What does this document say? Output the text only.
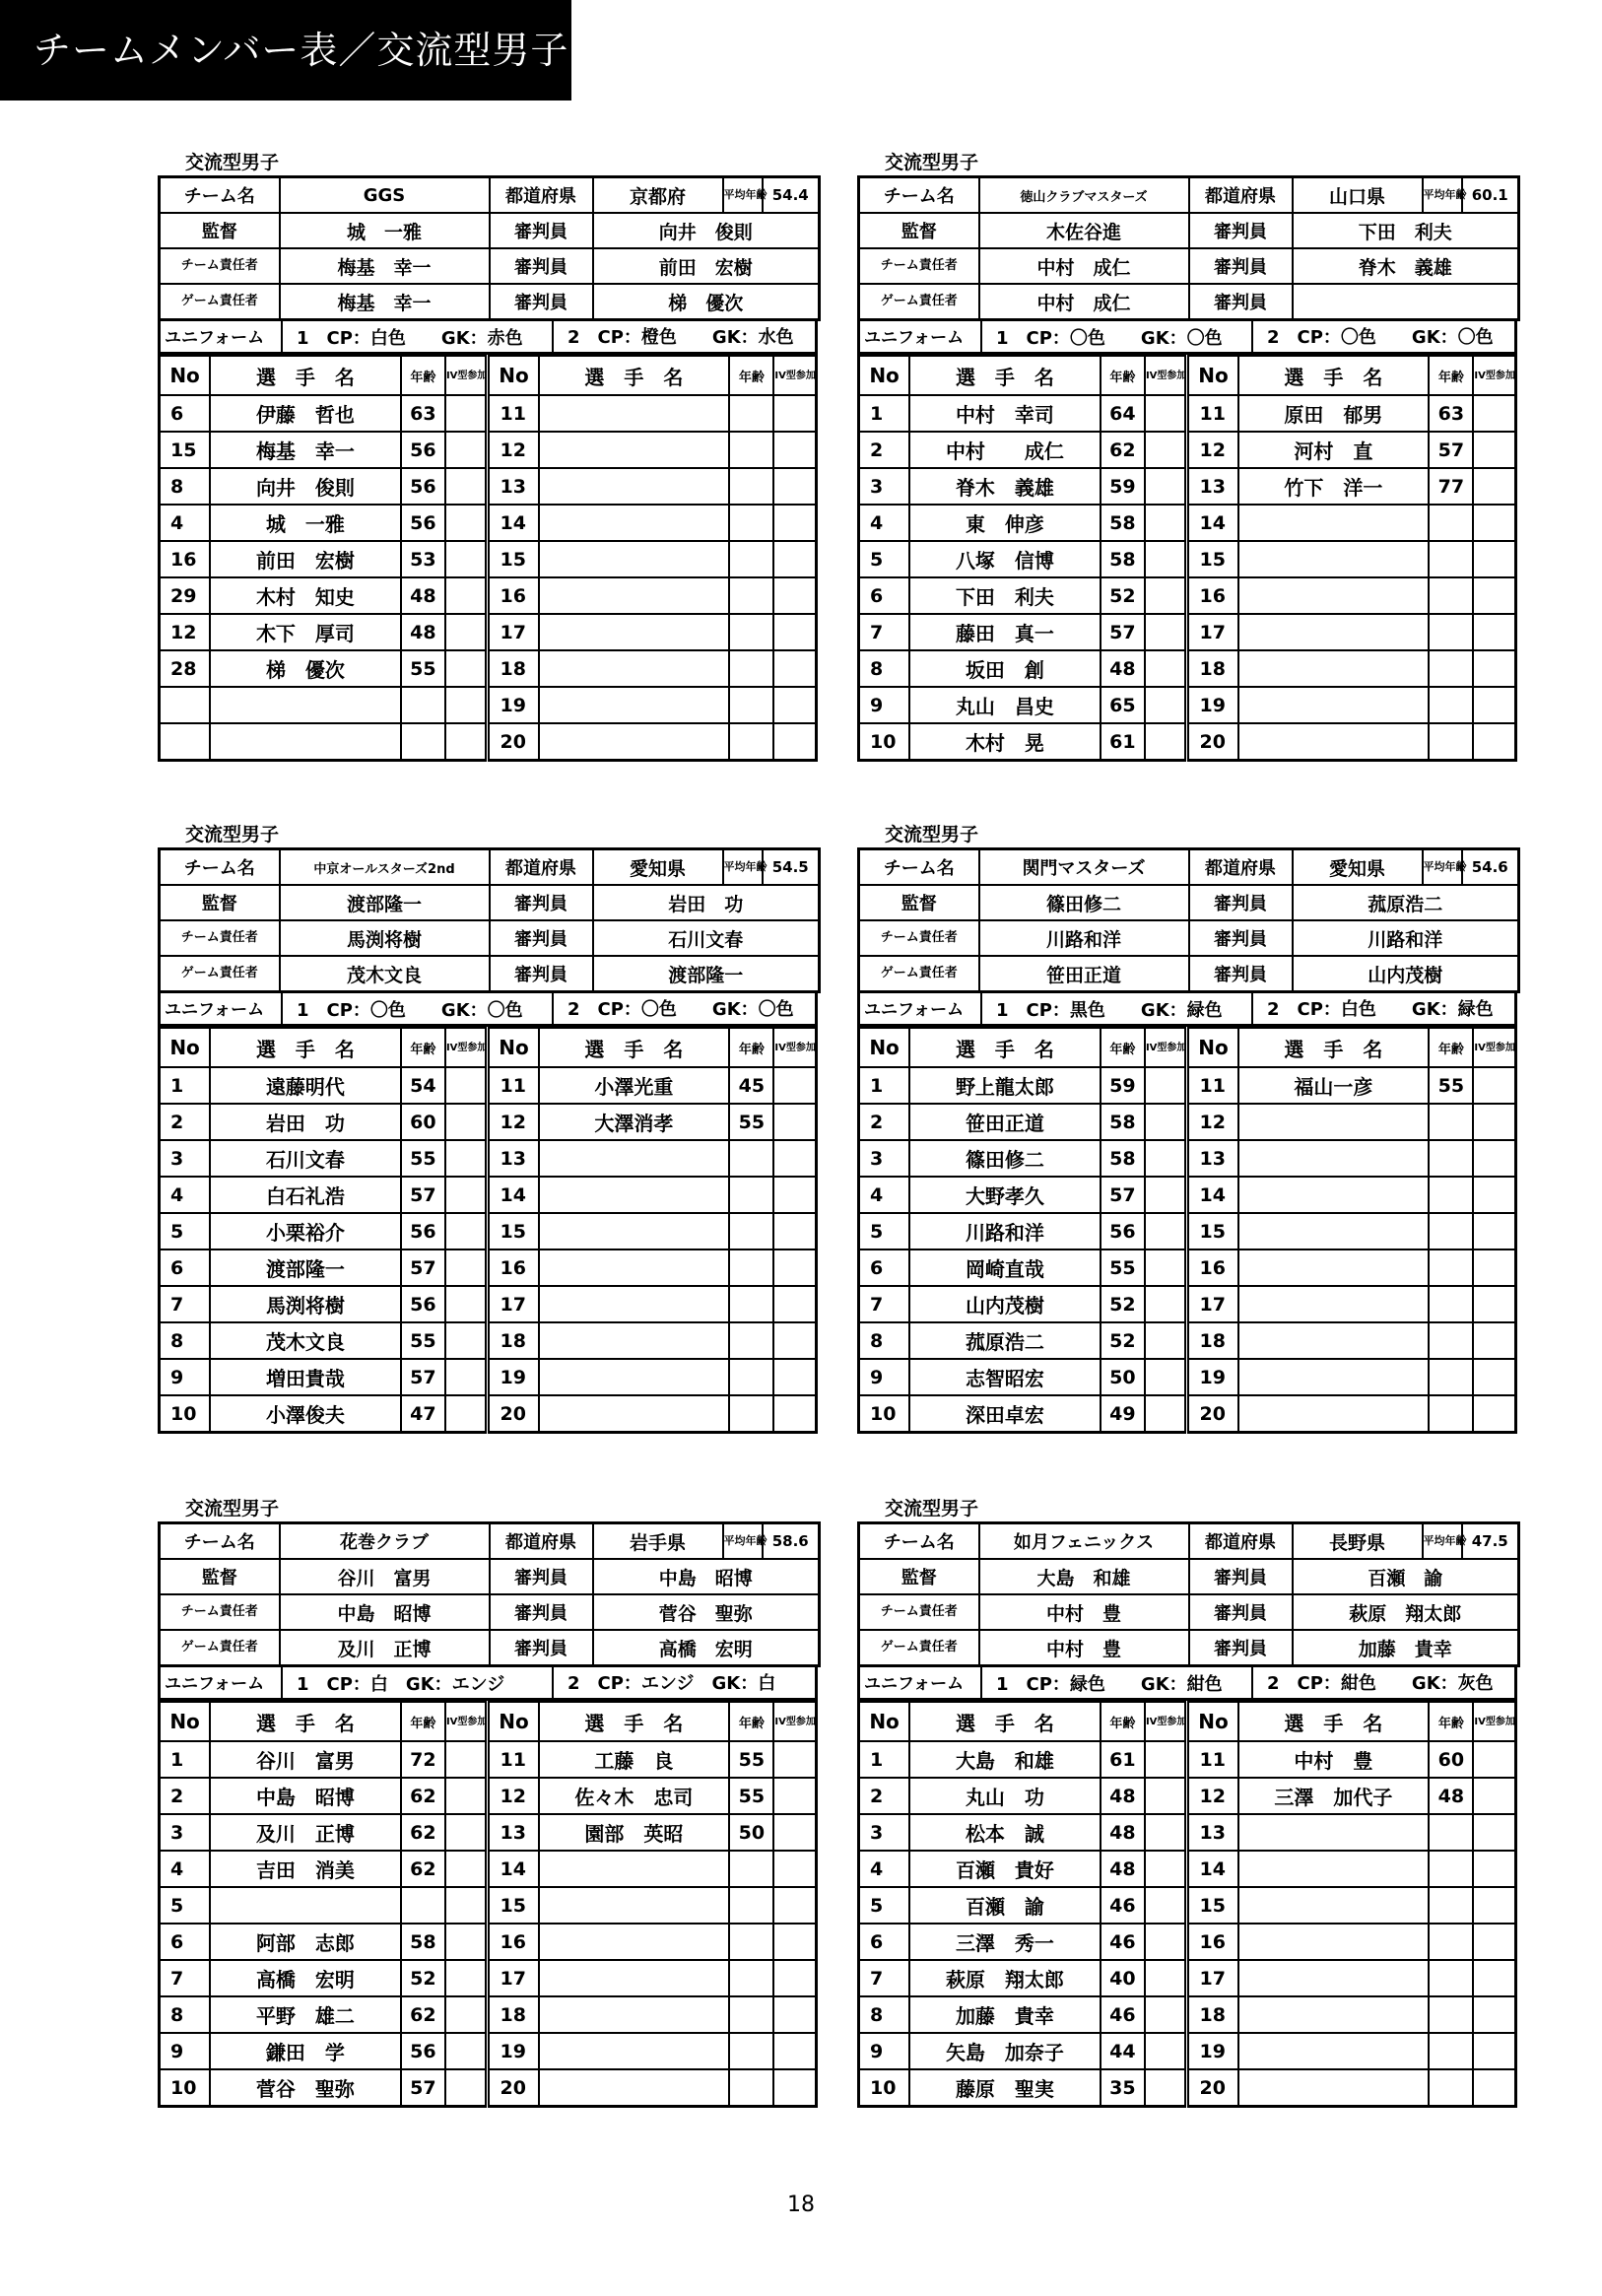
チームメンバー表／交流型男子
交流型男子
チーム名	GGS	都道府県	京都府	平均年齢	54.4
監督	城　一雅	審判員	向井　俊則		
チーム責任者	梅基　幸一	審判員	前田　宏樹		
ゲーム責任者	梅基　幸一	審判員	梯　優次		
ユニフォーム	1　CP：白色　　GK：赤色	2　CP：橙色　　GK：水色
No	選　手　名	年齢	IV型参加	No	選　手　名	年齢	IV型参加
6	伊藤　哲也	63		11			
15	梅基　幸一	56		12			
8	向井　俊則	56		13			
4	城　一雅	56		14			
16	前田　宏樹	53		15			
29	木村　知史	48		16			
12	木下　厚司	48		17			
28	梯　優次	55		18			
				19			
				20			
交流型男子
チーム名	徳山クラブマスターズ	都道府県	山口県	平均年齢	60.1
監督	木佐谷進	審判員	下田　利夫		
チーム責任者	中村　成仁	審判員	脊木　義雄		
ゲーム責任者	中村　成仁	審判員			
ユニフォーム	1　CP：〇色　　GK：〇色	2　CP：〇色　　GK：〇色
No	選　手　名	年齢	IV型参加	No	選　手　名	年齢	IV型参加
1	中村　幸司	64		11	原田　郁男	63	
2	中村　　成仁	62		12	河村　直	57	
3	脊木　義雄	59		13	竹下　洋一	77	
4	東　伸彦	58		14			
5	八塚　信博	58		15			
6	下田　利夫	52		16			
7	藤田　真一	57		17			
8	坂田　創	48		18			
9	丸山　昌史	65		19			
10	木村　晃	61		20			
交流型男子
チーム名	中京オールスターズ2nd	都道府県	愛知県	平均年齢	54.5
監督	渡部隆一	審判員	岩田　功		
チーム責任者	馬渕将樹	審判員	石川文春		
ゲーム責任者	茂木文良	審判員	渡部隆一		
ユニフォーム	1　CP：〇色　　GK：〇色	2　CP：〇色　　GK：〇色
No	選　手　名	年齢	IV型参加	No	選　手　名	年齢	IV型参加
1	遠藤明代	54		11	小澤光重	45	
2	岩田　功	60		12	大澤消孝	55	
3	石川文春	55		13			
4	白石礼浩	57		14			
5	小栗裕介	56		15			
6	渡部隆一	57		16			
7	馬渕将樹	56		17			
8	茂木文良	55		18			
9	増田貴哉	57		19			
10	小澤俊夫	47		20			
交流型男子
チーム名	関門マスターズ	都道府県	愛知県	平均年齢	54.6
監督	篠田修二	審判員	菰原浩二		
チーム責任者	川路和洋	審判員	川路和洋		
ゲーム責任者	笹田正道	審判員	山内茂樹		
ユニフォーム	1　CP：黒色　　GK：緑色	2　CP：白色　　GK：緑色
No	選　手　名	年齢	IV型参加	No	選　手　名	年齢	IV型参加
1	野上龍太郎	59		11	福山一彦	55	
2	笹田正道	58		12			
3	篠田修二	58		13			
4	大野孝久	57		14			
5	川路和洋	56		15			
6	岡崎直哉	55		16			
7	山内茂樹	52		17			
8	菰原浩二	52		18			
9	志智昭宏	50		19			
10	深田卓宏	49		20			
交流型男子
チーム名	花巻クラブ	都道府県	岩手県	平均年齢	58.6
監督	谷川　富男	審判員	中島　昭博		
チーム責任者	中島　昭博	審判員	菅谷　聖弥		
ゲーム責任者	及川　正博	審判員	高橋　宏明		
ユニフォーム	1　CP：白　GK：エンジ	2　CP：エンジ　GK：白
No	選　手　名	年齢	IV型参加	No	選　手　名	年齢	IV型参加
1	谷川　富男	72		11	工藤　良	55	
2	中島　昭博	62		12	佐々木　忠司	55	
3	及川　正博	62		13	園部　英昭	50	
4	吉田　消美	62		14			
5				15			
6	阿部　志郎	58		16			
7	高橋　宏明	52		17			
8	平野　雄二	62		18			
9	鎌田　学	56		19			
10	菅谷　聖弥	57		20			
交流型男子
チーム名	如月フェニックス	都道府県	長野県	平均年齢	47.5
監督	大島　和雄	審判員	百瀬　諭		
チーム責任者	中村　豊	審判員	萩原　翔太郎		
ゲーム責任者	中村　豊	審判員	加藤　貴幸		
ユニフォーム	1　CP：緑色　　GK：紺色	2　CP：紺色　　GK：灰色
No	選　手　名	年齢	IV型参加	No	選　手　名	年齢	IV型参加
1	大島　和雄	61		11	中村　豊	60	
2	丸山　功	48		12	三澤　加代子	48	
3	松本　誠	48		13			
4	百瀬　貴好	48		14			
5	百瀬　諭	46		15			
6	三澤　秀一	46		16			
7	萩原　翔太郎	40		17			
8	加藤　貴幸	46		18			
9	矢島　加奈子	44		19			
10	藤原　聖実	35		20			
18
